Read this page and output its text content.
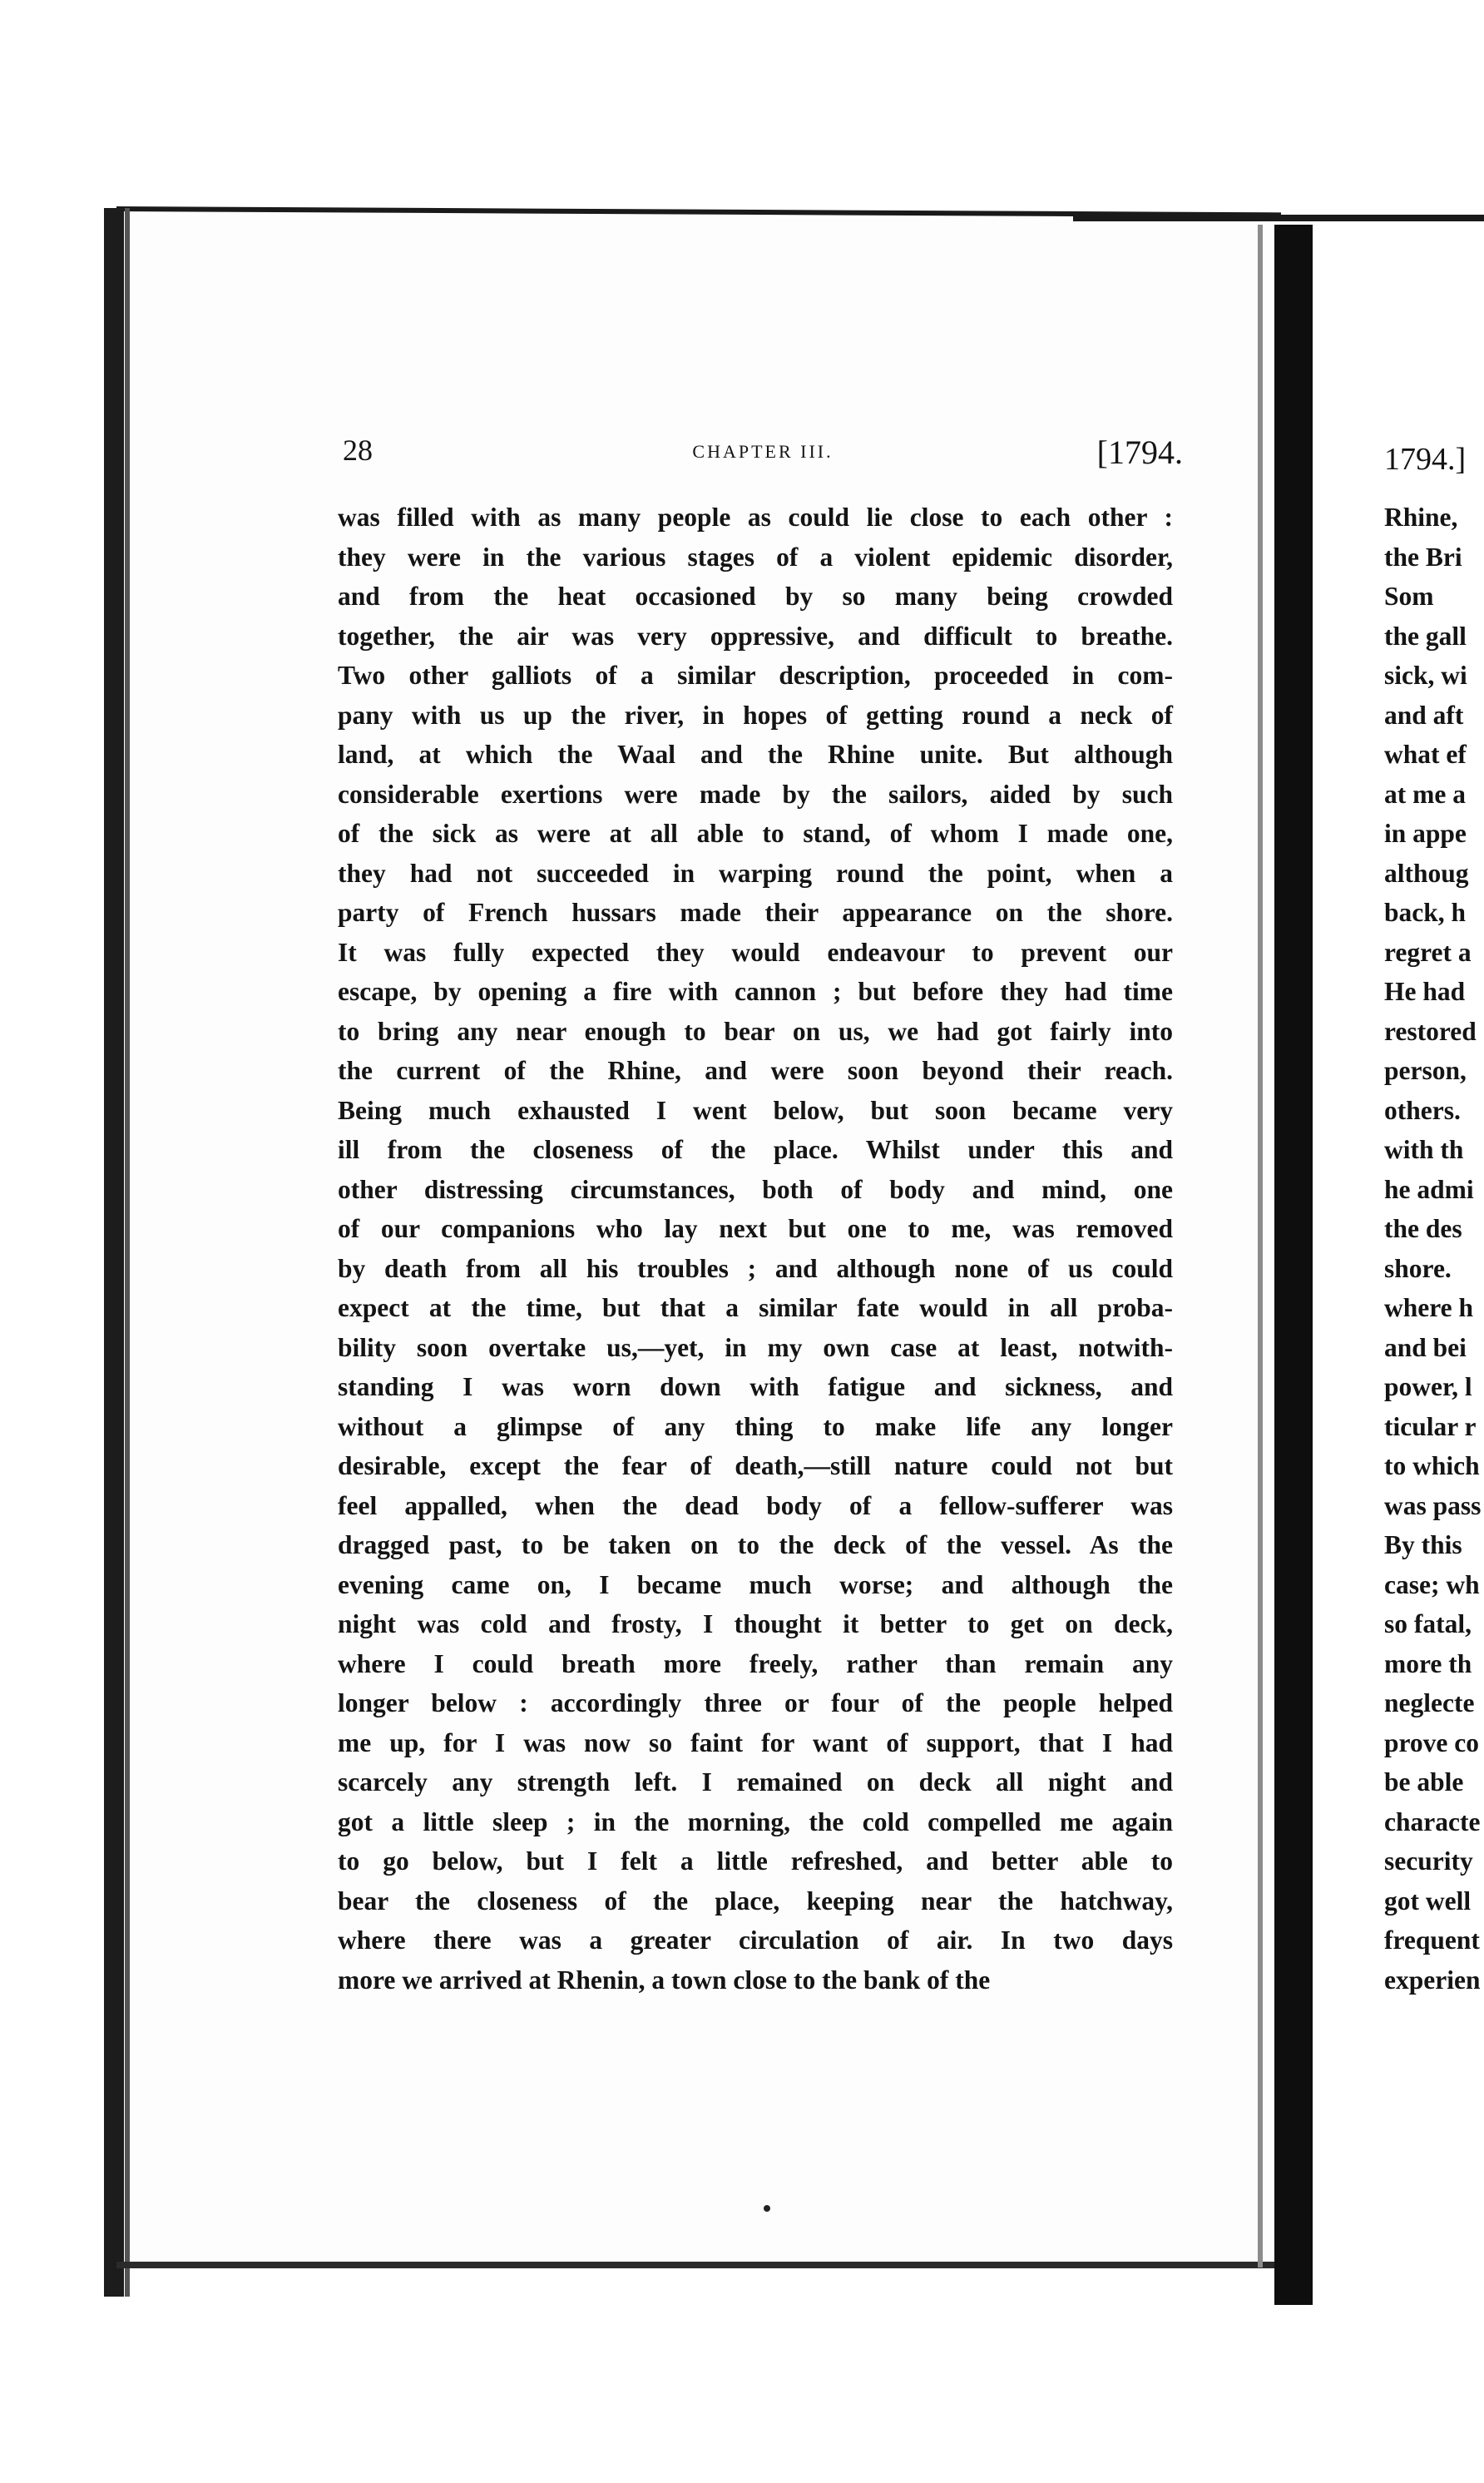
28	CHAPTER III.	[1794.
was filled with as many people as could lie close to each other :
they were in the various stages of a violent epidemic disorder,
and from the heat occasioned by so many being crowded
together, the air was very oppressive, and difficult to breathe.
Two other galliots of a similar description, proceeded in com-
pany with us up the river, in hopes of getting round a neck of
land, at which the Waal and the Rhine unite. But although
considerable exertions were made by the sailors, aided by such
of the sick as were at all able to stand, of whom I made one,
they had not succeeded in warping round the point, when a
party of French hussars made their appearance on the shore.
It was fully expected they would endeavour to prevent our
escape, by opening a fire with cannon ; but before they had time
to bring any near enough to bear on us, we had got fairly into
the current of the Rhine, and were soon beyond their reach.
Being much exhausted I went below, but soon became very
ill from the closeness of the place. Whilst under this and
other distressing circumstances, both of body and mind, one
of our companions who lay next but one to me, was removed
by death from all his troubles ; and although none of us could
expect at the time, but that a similar fate would in all proba-
bility soon overtake us,—yet, in my own case at least, notwith-
standing I was worn down with fatigue and sickness, and
without a glimpse of any thing to make life any longer
desirable, except the fear of death,—still nature could not but
feel appalled, when the dead body of a fellow-sufferer was
dragged past, to be taken on to the deck of the vessel. As the
evening came on, I became much worse; and although the
night was cold and frosty, I thought it better to get on deck,
where I could breath more freely, rather than remain any
longer below : accordingly three or four of the people helped
me up, for I was now so faint for want of support, that I had
scarcely any strength left. I remained on deck all night and
got a little sleep ; in the morning, the cold compelled me again
to go below, but I felt a little refreshed, and better able to
bear the closeness of the place, keeping near the hatchway,
where there was a greater circulation of air. In two days
more we arrived at Rhenin, a town close to the bank of the
1794.]
Rhine,
the Bri
Som
the gall
sick, wi
and aft
what ef
at me a
in appe
althoug
back, h
regret a
He had
restored
person,
others.
with th
he admi
the des
shore.
where h
and bei
power, l
ticular r
to which
was pass
By this
case; wh
so fatal,
more th
neglecte
prove co
be able
characte
security
got well
frequent
experien
